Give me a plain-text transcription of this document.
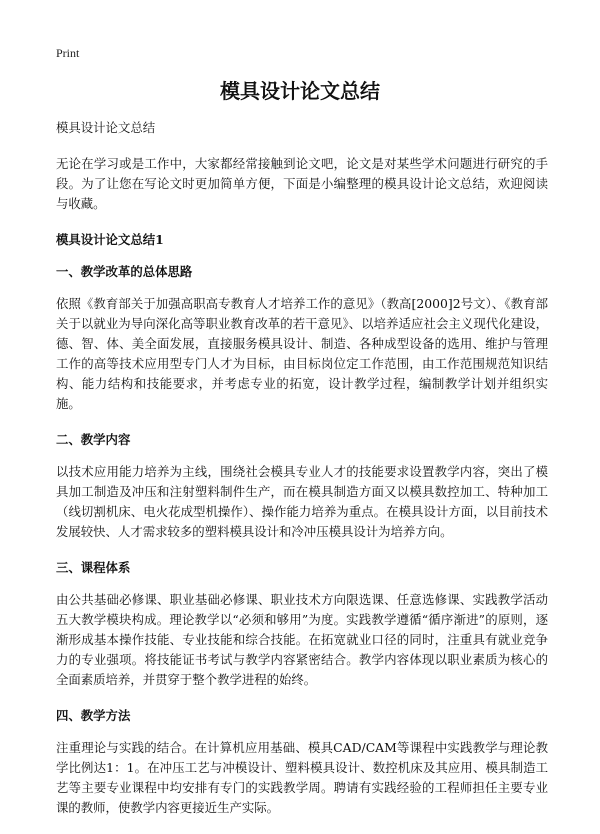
Print
模具设计论文总结

模具设计论文总结

无论在学习或是工作中，大家都经常接触到论文吧，论文是对某些学术问题进行研究的手段。为了让您在写论文时更加简单方便，下面是小编整理的模具设计论文总结，欢迎阅读与收藏。

模具设计论文总结1

一、教学改革的总体思路

依照《教育部关于加强高职高专教育人才培养工作的意见》（教高[2000]2号文）、《教育部关于以就业为导向深化高等职业教育改革的若干意见》、以培养适应社会主义现代化建设，德、智、体、美全面发展，直接服务模具设计、制造、各种成型设备的选用、维护与管理工作的高等技术应用型专门人才为目标，由目标岗位定工作范围，由工作范围规范知识结构、能力结构和技能要求，并考虑专业的拓宽，设计教学过程，编制教学计划并组织实施。

二、教学内容

以技术应用能力培养为主线，围绕社会模具专业人才的技能要求设置教学内容，突出了模具加工制造及冲压和注射塑料制件生产，而在模具制造方面又以模具数控加工、特种加工（线切割机床、电火花成型机操作）、操作能力培养为重点。在模具设计方面，以目前技术发展较快、人才需求较多的塑料模具设计和冷冲压模具设计为培养方向。

三、课程体系

由公共基础必修课、职业基础必修课、职业技术方向限选课、任意选修课、实践教学活动五大教学模块构成。理论教学以“必须和够用”为度。实践教学遵循“循序渐进”的原则，逐渐形成基本操作技能、专业技能和综合技能。在拓宽就业口径的同时，注重具有就业竞争力的专业强项。将技能证书考试与教学内容紧密结合。教学内容体现以职业素质为核心的全面素质培养，并贯穿于整个教学进程的始终。

四、教学方法

注重理论与实践的结合。在计算机应用基础、模具CAD/CAM等课程中实践教学与理论教学比例达1：1。在冲压工艺与冲模设计、塑料模具设计、数控机床及其应用、模具制造工艺等主要专业课程中均安排有专门的实践教学周。聘请有实践经验的工程师担任主要专业课的教师，使教学内容更接近生产实际。
